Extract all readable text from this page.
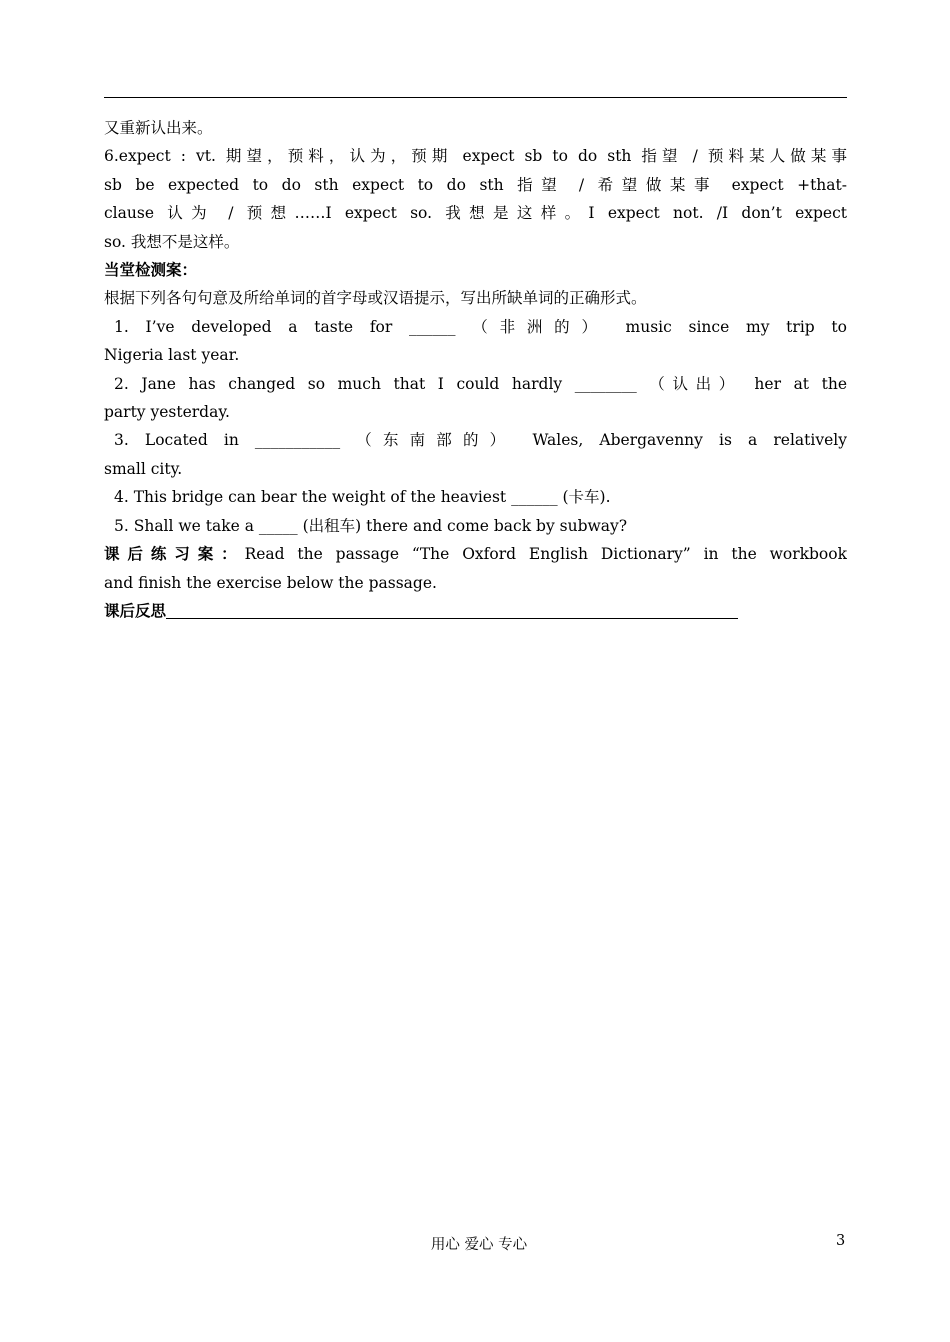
又重新认出来。
6.expect : vt. 期望，预料，认为，预期 expect sb to do sth 指望 / 预料某人做某事
sb be expected to do sth expect to do sth 指望 / 希望做某事 expect +that-
clause 认为 / 预想……I expect so. 我想是这样。I expect not. /I don’t expect
so. 我想不是这样。
当堂检测案：
根据下列各句句意及所给单词的首字母或汉语提示，写出所缺单词的正确形式。
1. I’ve developed a taste for ______ （非洲的） music since my trip to
Nigeria last year.
2. Jane has changed so much that I could hardly ________ （认出） her at the
party yesterday.
3. Located in ___________ （东南部的） Wales, Abergavenny is a relatively
small city.
4. This bridge can bear the weight of the heaviest ______ (卡车).
5. Shall we take a _____ (出租车) there and come back by subway?
课后练习案：Read the passage “The Oxford English Dictionary” in the workbook
and finish the exercise below the passage.
课后反思
用心 爱心 专心	3
